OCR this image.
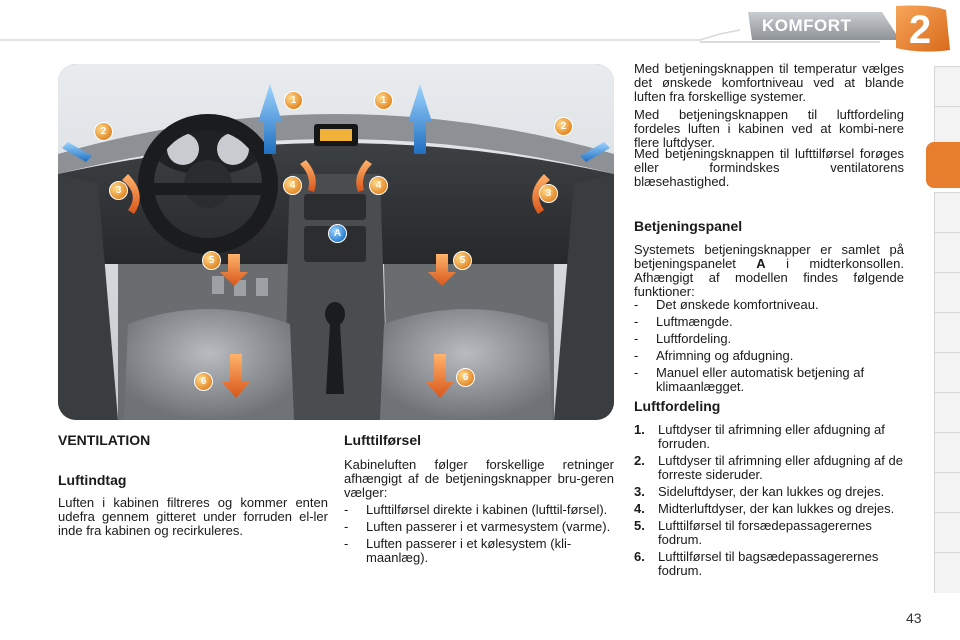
KOMFORT	2
1	1
2	2
3	3
4	4
5	5
6	6
A
VENTILATION
Luftindtag
Luften i kabinen filtreres og kommer enten udefra gennem gitteret under forruden el-ler inde fra kabinen og recirkuleres.
Lufttilførsel
Kabineluften følger forskellige retninger afhængigt af de betjeningsknapper bru-geren vælger:
- Lufttilførsel direkte i kabinen (lufttil-førsel).
- Luften passerer i et varmesystem (varme).
- Luften passerer i et kølesystem (kli-maanlæg).
Med betjeningsknappen til temperatur vælges det ønskede komfortniveau ved at blande luften fra forskellige systemer.
Med betjeningsknappen til luftfordeling fordeles luften i kabinen ved at kombi-nere flere luftdyser.
Med betjeningsknappen til lufttilførsel forøges eller formindskes ventilatorens blæsehastighed.
Betjeningspanel
Systemets betjeningsknapper er samlet på betjeningspanelet A i midterkonsollen. Afhængigt af modellen findes følgende funktioner:
- Det ønskede komfortniveau.
- Luftmængde.
- Luftfordeling.
- Afrimning og afdugning.
- Manuel eller automatisk betjening af klimaanlægget.
Luftfordeling
1. Luftdyser til afrimning eller afdugning af forruden.
2. Luftdyser til afrimning eller afdugning af de forreste sideruder.
3. Sideluftdyser, der kan lukkes og drejes.
4. Midterluftdyser, der kan lukkes og drejes.
5. Lufttilførsel til forsædepassagerernes fodrum.
6. Lufttilførsel til bagsædepassagerernes fodrum.
43
